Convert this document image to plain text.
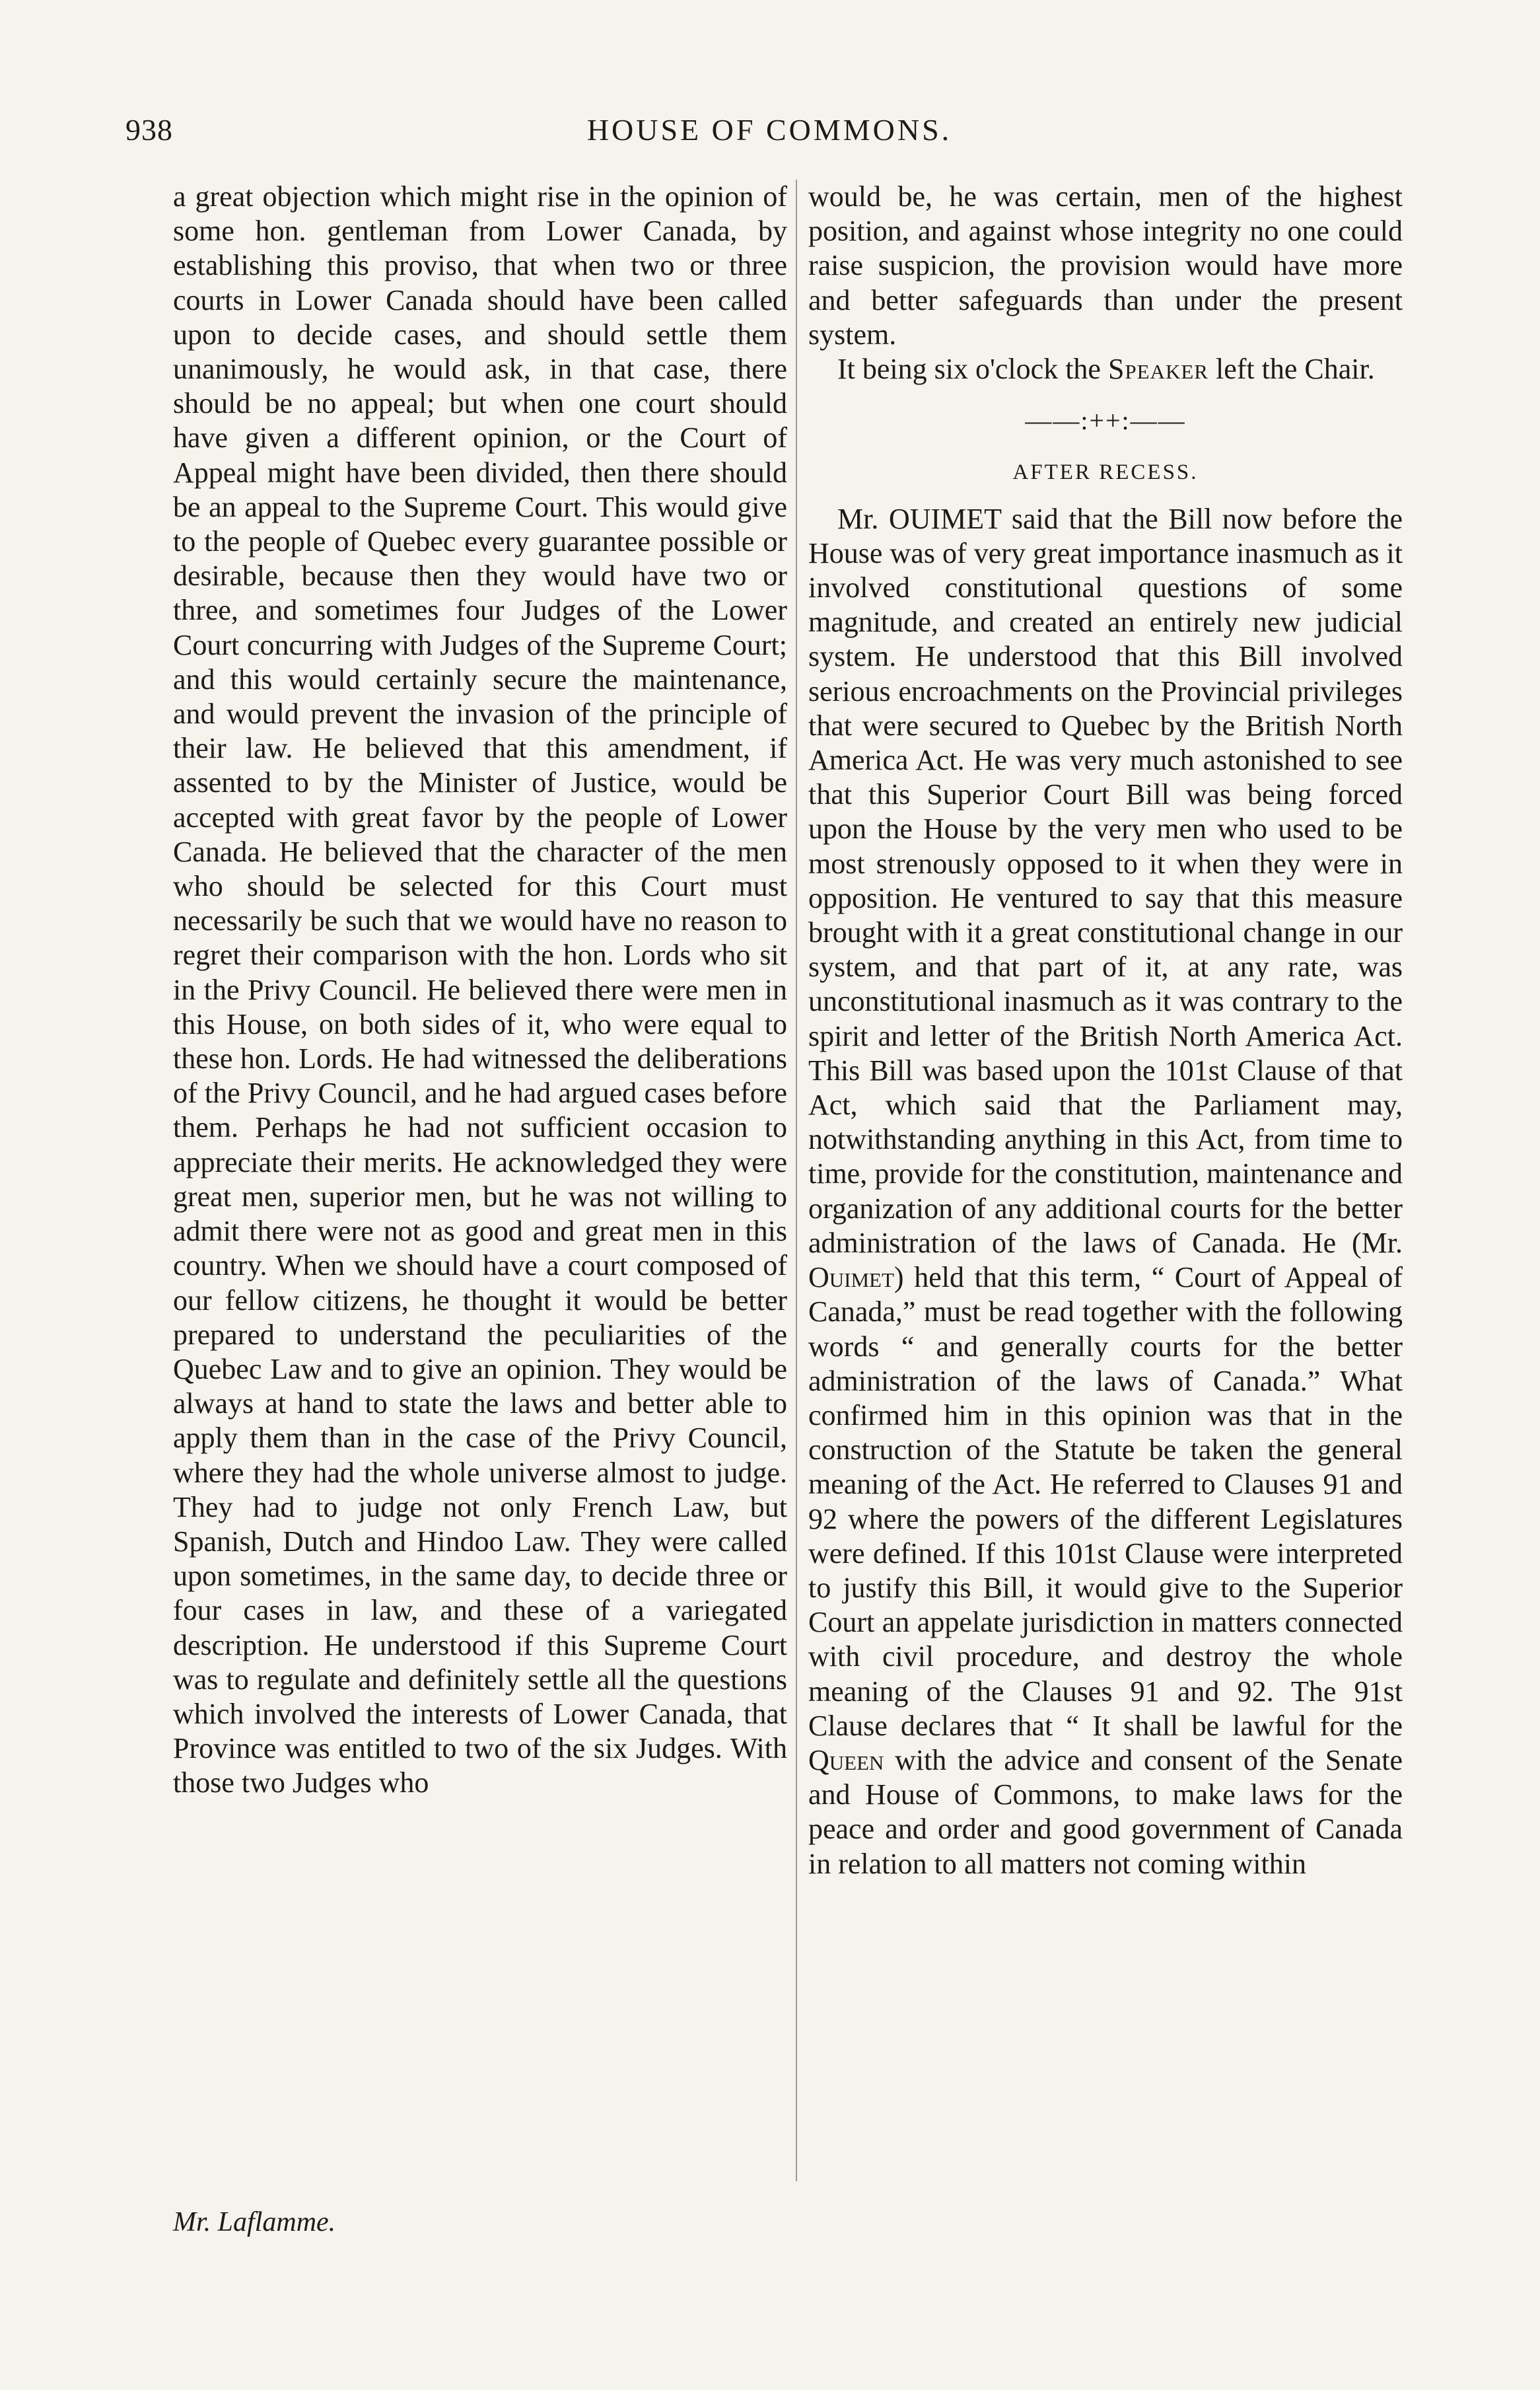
938	HOUSE OF COMMONS.

a great objection which might rise in the opinion of some hon. gentleman from Lower Canada, by establishing this proviso, that when two or three courts in Lower Canada should have been called upon to decide cases, and should settle them unanimously, he would ask, in that case, there should be no appeal; but when one court should have given a different opinion, or the Court of Appeal might have been divided, then there should be an appeal to the Supreme Court. This would give to the people of Quebec every guarantee possible or desirable, because then they would have two or three, and sometimes four Judges of the Lower Court concurring with Judges of the Supreme Court; and this would certainly secure the maintenance, and would prevent the invasion of the principle of their law. He believed that this amendment, if assented to by the Minister of Justice, would be accepted with great favor by the people of Lower Canada. He believed that the character of the men who should be selected for this Court must necessarily be such that we would have no reason to regret their comparison with the hon. Lords who sit in the Privy Council. He believed there were men in this House, on both sides of it, who were equal to these hon. Lords. He had witnessed the deliberations of the Privy Council, and he had argued cases before them. Perhaps he had not sufficient occasion to appreciate their merits. He acknowledged they were great men, superior men, but he was not willing to admit there were not as good and great men in this country. When we should have a court composed of our fellow citizens, he thought it would be better prepared to understand the peculiarities of the Quebec Law and to give an opinion. They would be always at hand to state the laws and better able to apply them than in the case of the Privy Council, where they had the whole universe almost to judge. They had to judge not only French Law, but Spanish, Dutch and Hindoo Law. They were called upon sometimes, in the same day, to decide three or four cases in law, and these of a variegated description. He understood if this Supreme Court was to regulate and definitely settle all the questions which involved the interests of Lower Canada, that Province was entitled to two of the six Judges. With those two Judges who

would be, he was certain, men of the highest position, and against whose integrity no one could raise suspicion, the provision would have more and better safeguards than under the present system.

It being six o'clock the Speaker left the Chair.

——:++:——
AFTER RECESS.

Mr. OUIMET said that the Bill now before the House was of very great importance inasmuch as it involved constitutional questions of some magnitude, and created an entirely new judicial system. He understood that this Bill involved serious encroachments on the Provincial privileges that were secured to Quebec by the British North America Act. He was very much astonished to see that this Superior Court Bill was being forced upon the House by the very men who used to be most strenously opposed to it when they were in opposition. He ventured to say that this measure brought with it a great constitutional change in our system, and that part of it, at any rate, was unconstitutional inasmuch as it was contrary to the spirit and letter of the British North America Act. This Bill was based upon the 101st Clause of that Act, which said that the Parliament may, notwithstanding anything in this Act, from time to time, provide for the constitution, maintenance and organization of any additional courts for the better administration of the laws of Canada. He (Mr. Ouimet) held that this term, “ Court of Appeal of Canada,” must be read together with the following words “ and generally courts for the better administration of the laws of Canada.” What confirmed him in this opinion was that in the construction of the Statute be taken the general meaning of the Act. He referred to Clauses 91 and 92 where the powers of the different Legislatures were defined. If this 101st Clause were interpreted to justify this Bill, it would give to the Superior Court an appelate jurisdiction in matters connected with civil procedure, and destroy the whole meaning of the Clauses 91 and 92. The 91st Clause declares that “ It shall be lawful for the Queen with the advice and consent of the Senate and House of Commons, to make laws for the peace and order and good government of Canada in relation to all matters not coming within

Mr. Laflamme.
